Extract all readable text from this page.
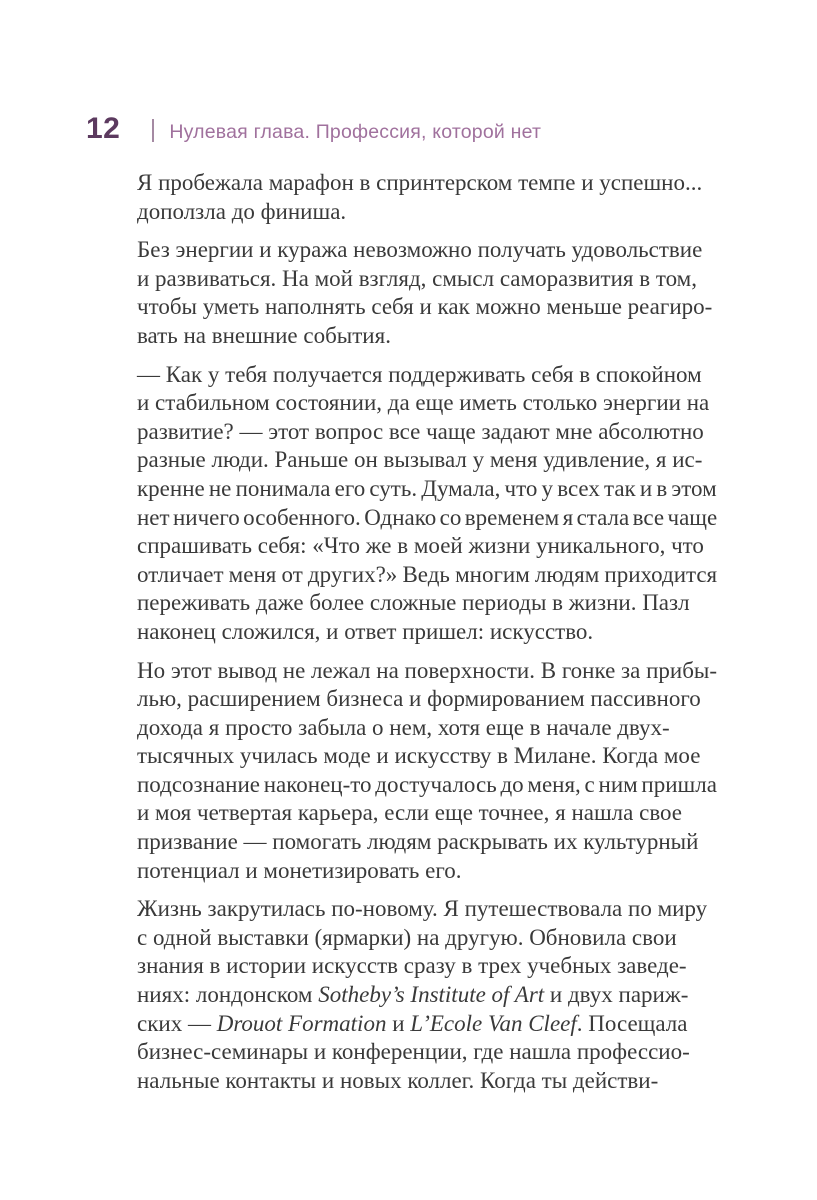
12	Нулевая глава. Профессия, которой нет
Я пробежала марафон в спринтерском темпе и успешно...
доползла до финиша.
Без энергии и куража невозможно получать удовольствие
и развиваться. На мой взгляд, смысл саморазвития в том,
чтобы уметь наполнять себя и как можно меньше реагиро-
вать на внешние события.
— Как у тебя получается поддерживать себя в спокойном
и стабильном состоянии, да еще иметь столько энергии на
развитие? — этот вопрос все чаще задают мне абсолютно
разные люди. Раньше он вызывал у меня удивление, я ис-
кренне не понимала его суть. Думала, что у всех так и в этом
нет ничего особенного. Однако со временем я стала все чаще
спрашивать себя: «Что же в моей жизни уникального, что
отличает меня от других?» Ведь многим людям приходится
переживать даже более сложные периоды в жизни. Пазл
наконец сложился, и ответ пришел: искусство.
Но этот вывод не лежал на поверхности. В гонке за прибы-
лью, расширением бизнеса и формированием пассивного
дохода я просто забыла о нем, хотя еще в начале двух-
тысячных училась моде и искусству в Милане. Когда мое
подсознание наконец-то достучалось до меня, с ним пришла
и моя четвертая карьера, если еще точнее, я нашла свое
призвание — помогать людям раскрывать их культурный
потенциал и монетизировать его.
Жизнь закрутилась по-новому. Я путешествовала по миру
с одной выставки (ярмарки) на другую. Обновила свои
знания в истории искусств сразу в трех учебных заведе-
ниях: лондонском Sotheby’s Institute of Art и двух париж-
ских — Drouot Formation и L’Ecole Van Cleef. Посещала
бизнес-семинары и конференции, где нашла профессио-
нальные контакты и новых коллег. Когда ты действи-
